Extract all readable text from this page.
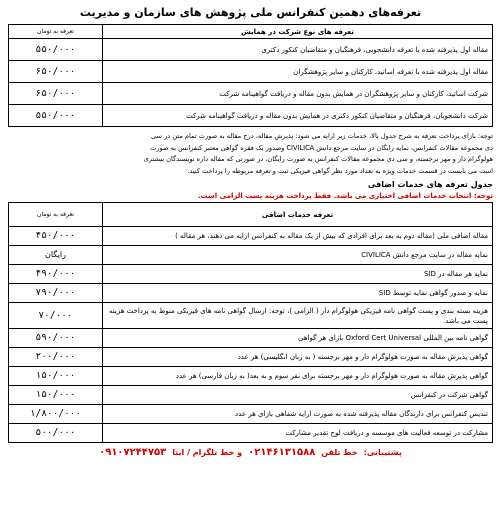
تعرفه‌های دهمین کنفرانس ملی پژوهش های سازمان و مدیریت
تعرفه های نوع شرکت در همایش	تعرفه به تومان
مقاله اول پذیرفته شده با تعرفه دانشجویی، فرهنگیان و متقاضیان کنکور دکتری	۵۵۰/۰۰۰
مقاله اول پذیرفته شده با تعرفه اساتید، کارکنان و سایر پژوهشگران	۶۵۰/۰۰۰
شرکت اساتید، کارکنان و سایر پژوهشگران در همایش بدون مقاله و دریافت گواهینامه شرکت	۶۵۰/۰۰۰
شرکت دانشجویان، فرهنگیان و متقاضیان کنکور دکتری در همایش بدون مقاله و دریافت گواهینامه شرکت	۵۵۰/۰۰۰
توجه: بازای پرداخت تعرفه به شرح جدول بالا، خدمات زیر ارایه می شود: پذیرش مقاله، درج مقاله به صورت تمام متن در سی
دی مجموعه مقالات کنفرانس، نمایه رایگان در سایت مرجع دانش CIVILICA وصدور یک فقره گواهی معتبر کنفرانس به صورت
هولوگرام دار و مهر برجسته، و سی دی مجموعه مقالات کنفرانس به صورت رایگان، در صورتی که مقاله داره نویسندگان بیشتری
است می بایست در قسمت خدمات ویژه به تعداد مورد نظر گواهی فیزیکی ثبت و تعرفه مربوطه را پرداخت کنید.
جدول تعرفه های خدمات اضافی
توجه: انتخاب خدمات اضافی اختیاری می باشد. فقط پرداخت هزینه پست الزامی است.
تعرفه خدمات اضافی	تعرفه به تومان
مقاله اضافی ملی (مقاله دوم به بعد برای افرادی که بیش از یک مقاله به کنفرانس ارایه می دهند، هر مقاله )	۴۵۰/۰۰۰
نمایه مقاله در سایت مرجع دانش CIVILICA	رایگان
نمایه هر مقاله در SID	۴۹۰/۰۰۰
نمایه و صدور گواهی نمایه توسط SID	۷۹۰/۰۰۰
هزینه بسته بندی و پست گواهی نامه فیزیکی هولوگرام دار ( الزامی )، توجه: ارسال گواهی نامه های فیزیکی منوط به پرداخت هزینه پست می باشد.	۷۰/۰۰۰
گواهی نامه بین المللی Oxford Cert Universal بازای هر گواهی	۵۹۰/۰۰۰
گواهی پذیرش مقاله به صورت هولوگرام دار و مهر برجسته ( به زبان انگلیسی) هر عدد	۲۰۰/۰۰۰
گواهی پذیرش مقاله به صورت هولوگرام دار و مهر برجسته برای نفر سوم و به بعد( به زبان فارسی) هر عدد	۱۵۰/۰۰۰
گواهی شرکت در کنفرانس	۱۵۰/۰۰۰
تندیس کنفرانس برای دارندگان مقاله پذیرفته شده به صورت ارایه شفاهی بازای هر عدد	۱/۸۰۰/۰۰۰
مشارکت در توسعه فعالیت های موسسه و دریافت لوح تقدیر مشارکت	۵۰۰/۰۰۰
پشتیبانی:
خط تلفن
۰۲۱۴۶۱۳۱۵۸۸
و خط تلگرام / ایتا
۰۹۱۰۷۲۴۴۷۵۳
